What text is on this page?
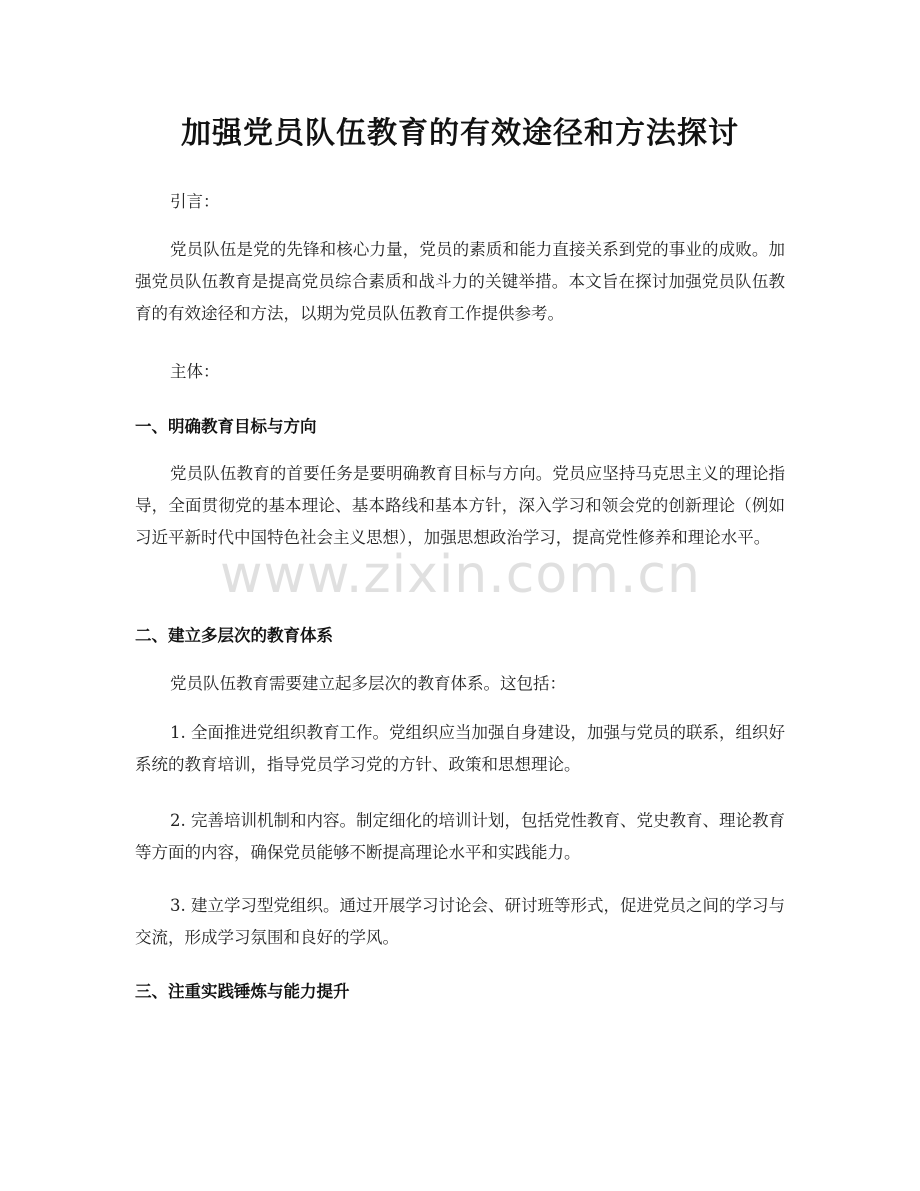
加强党员队伍教育的有效途径和方法探讨
引言：
党员队伍是党的先锋和核心力量，党员的素质和能力直接关系到党的事业的成败。加强党员队伍教育是提高党员综合素质和战斗力的关键举措。本文旨在探讨加强党员队伍教育的有效途径和方法，以期为党员队伍教育工作提供参考。
主体：
一、明确教育目标与方向
党员队伍教育的首要任务是要明确教育目标与方向。党员应坚持马克思主义的理论指导，全面贯彻党的基本理论、基本路线和基本方针，深入学习和领会党的创新理论（例如习近平新时代中国特色社会主义思想），加强思想政治学习，提高党性修养和理论水平。
二、建立多层次的教育体系
党员队伍教育需要建立起多层次的教育体系。这包括：
1. 全面推进党组织教育工作。党组织应当加强自身建设，加强与党员的联系，组织好系统的教育培训，指导党员学习党的方针、政策和思想理论。
2. 完善培训机制和内容。制定细化的培训计划，包括党性教育、党史教育、理论教育等方面的内容，确保党员能够不断提高理论水平和实践能力。
3. 建立学习型党组织。通过开展学习讨论会、研讨班等形式，促进党员之间的学习与交流，形成学习氛围和良好的学风。
三、注重实践锤炼与能力提升
www.zixin.com.cn
